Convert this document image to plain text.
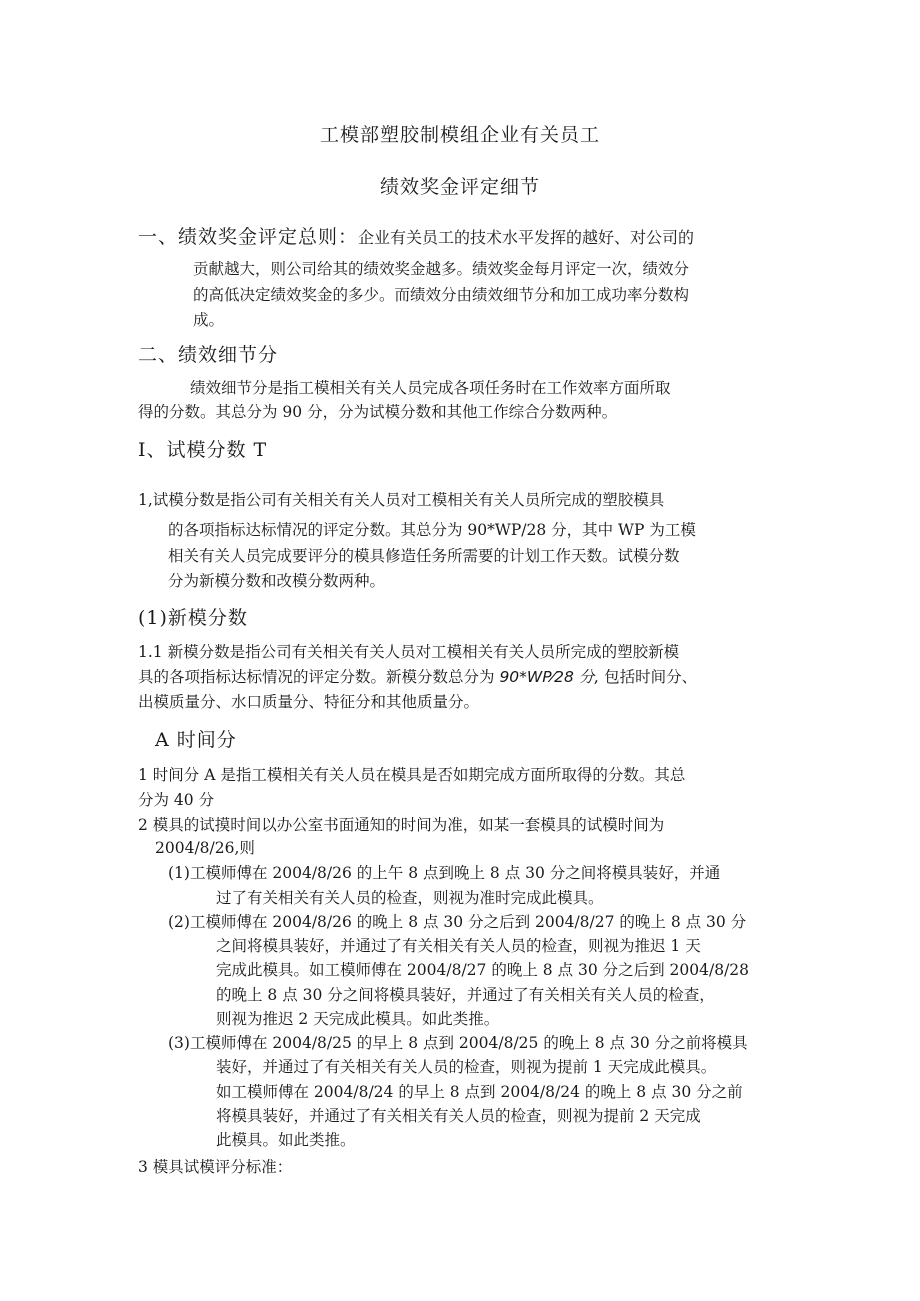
工模部塑胶制模组企业有关员工

绩效奖金评定细节

一、绩效奖金评定总则：企业有关员工的技术水平发挥的越好、对公司的

贡献越大，则公司给其的绩效奖金越多。绩效奖金每月评定一次，绩效分

的高低决定绩效奖金的多少。而绩效分由绩效细节分和加工成功率分数构

成。

二、绩效细节分

绩效细节分是指工模相关有关人员完成各项任务时在工作效率方面所取

得的分数。其总分为 90 分，分为试模分数和其他工作综合分数两种。

I、试模分数 T

1,试模分数是指公司有关相关有关人员对工模相关有关人员所完成的塑胶模具

的各项指标达标情况的评定分数。其总分为 90*WP/28 分，其中 WP 为工模

相关有关人员完成要评分的模具修造任务所需要的计划工作天数。试模分数

分为新模分数和改模分数两种。

(1)新模分数

1.1 新模分数是指公司有关相关有关人员对工模相关有关人员所完成的塑胶新模

具的各项指标达标情况的评定分数。新模分数总分为 90*WP⁄28 分, 包括时间分、

出模质量分、水口质量分、特征分和其他质量分。

A 时间分

1 时间分 A 是指工模相关有关人员在模具是否如期完成方面所取得的分数。其总

分为 40 分

2 模具的试摸时间以办公室书面通知的时间为准，如某一套模具的试模时间为

2004/8/26,则

(1)工模师傅在 2004/8/26 的上午 8 点到晚上 8 点 30 分之间将模具装好，并通

过了有关相关有关人员的检查，则视为准时完成此模具。

(2)工模师傅在 2004/8/26 的晚上 8 点 30 分之后到 2004/8/27 的晚上 8 点 30 分

之间将模具装好，并通过了有关相关有关人员的检查，则视为推迟 1 天

完成此模具。如工模师傅在 2004/8/27 的晚上 8 点 30 分之后到 2004/8/28

的晚上 8 点 30 分之间将模具装好，并通过了有关相关有关人员的检查，

则视为推迟 2 天完成此模具。如此类推。

(3)工模师傅在 2004/8/25 的早上 8 点到 2004/8/25 的晚上 8 点 30 分之前将模具

装好，并通过了有关相关有关人员的检查，则视为提前 1 天完成此模具。

如工模师傅在 2004/8/24 的早上 8 点到 2004/8/24 的晚上 8 点 30 分之前

将模具装好，并通过了有关相关有关人员的检查，则视为提前 2 天完成

此模具。如此类推。

3 模具试模评分标准：
